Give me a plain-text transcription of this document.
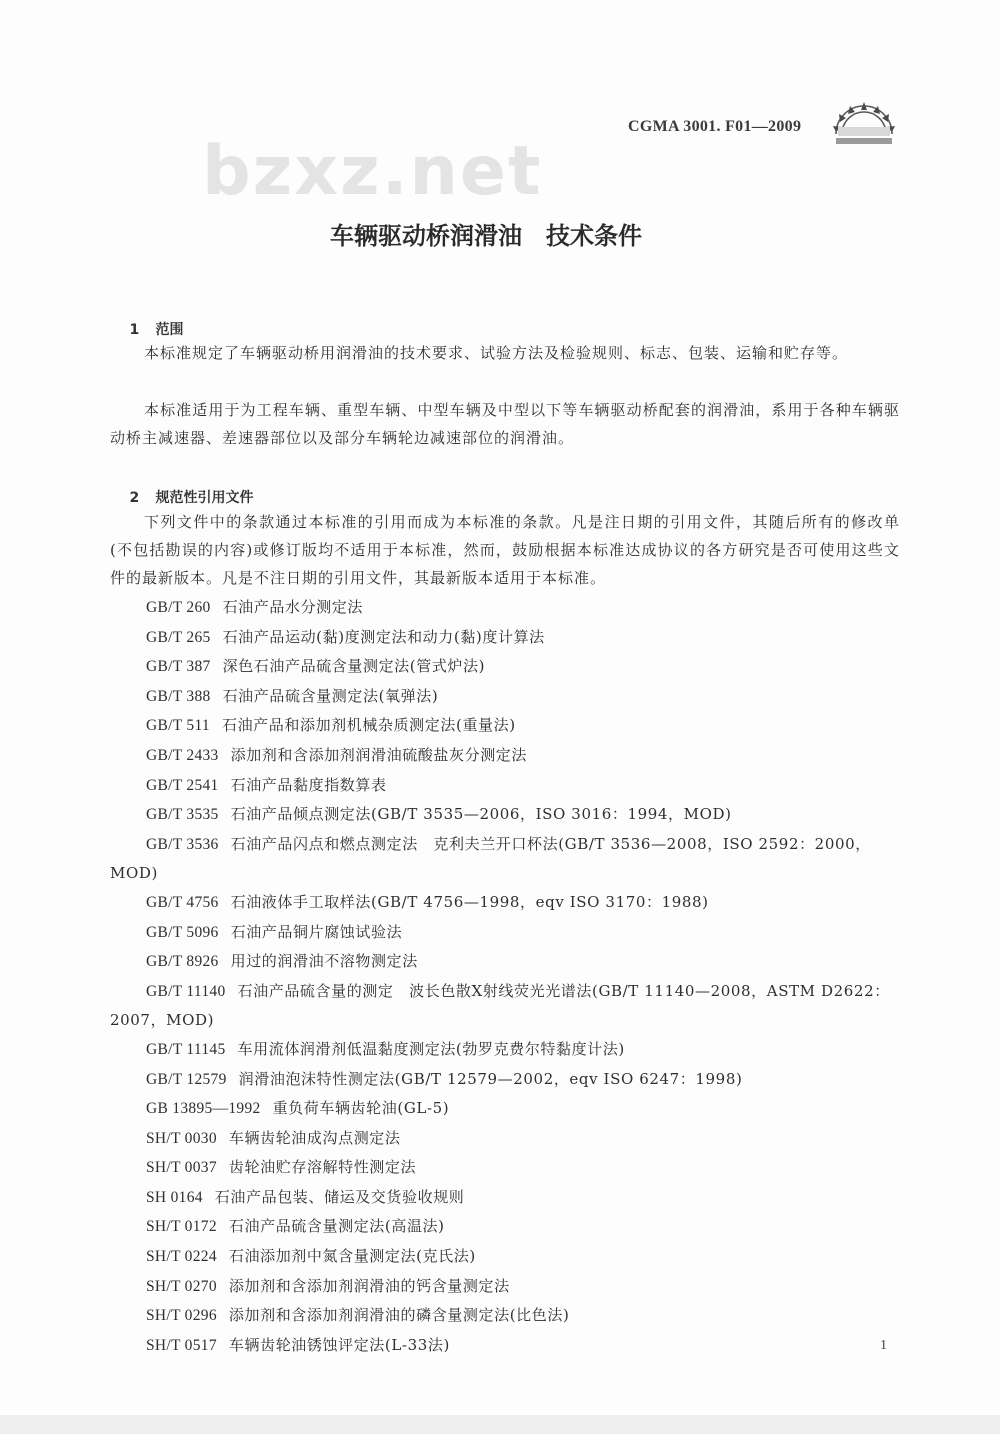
CGMA 3001. F01—2009
bzxz.net
车辆驱动桥润滑油　技术条件

1 范围

本标准规定了车辆驱动桥用润滑油的技术要求、试验方法及检验规则、标志、包装、运输和贮存等。
本标准适用于为工程车辆、重型车辆、中型车辆及中型以下等车辆驱动桥配套的润滑油，系用于各种车辆驱动桥主减速器、差速器部位以及部分车辆轮边减速部位的润滑油。

2 规范性引用文件

下列文件中的条款通过本标准的引用而成为本标准的条款。凡是注日期的引用文件，其随后所有的修改单(不包括勘误的内容)或修订版均不适用于本标准，然而，鼓励根据本标准达成协议的各方研究是否可使用这些文件的最新版本。凡是不注日期的引用文件，其最新版本适用于本标准。
GB/T 260 石油产品水分测定法
GB/T 265 石油产品运动(黏)度测定法和动力(黏)度计算法
GB/T 387 深色石油产品硫含量测定法(管式炉法)
GB/T 388 石油产品硫含量测定法(氧弹法)
GB/T 511 石油产品和添加剂机械杂质测定法(重量法)
GB/T 2433 添加剂和含添加剂润滑油硫酸盐灰分测定法
GB/T 2541 石油产品黏度指数算表
GB/T 3535 石油产品倾点测定法(GB/T 3535—2006，ISO 3016：1994，MOD)
GB/T 3536 石油产品闪点和燃点测定法　克利夫兰开口杯法(GB/T 3536—2008，ISO 2592：2000，MOD)
GB/T 4756 石油液体手工取样法(GB/T 4756—1998，eqv ISO 3170：1988)
GB/T 5096 石油产品铜片腐蚀试验法
GB/T 8926 用过的润滑油不溶物测定法
GB/T 11140 石油产品硫含量的测定　波长色散X射线荧光光谱法(GB/T 11140—2008，ASTM D2622：2007，MOD)
GB/T 11145 车用流体润滑剂低温黏度测定法(勃罗克费尔特黏度计法)
GB/T 12579 润滑油泡沫特性测定法(GB/T 12579—2002，eqv ISO 6247：1998)
GB 13895—1992 重负荷车辆齿轮油(GL-5)
SH/T 0030 车辆齿轮油成沟点测定法
SH/T 0037 齿轮油贮存溶解特性测定法
SH 0164 石油产品包装、储运及交货验收规则
SH/T 0172 石油产品硫含量测定法(高温法)
SH/T 0224 石油添加剂中氮含量测定法(克氏法)
SH/T 0270 添加剂和含添加剂润滑油的钙含量测定法
SH/T 0296 添加剂和含添加剂润滑油的磷含量测定法(比色法)
SH/T 0517 车辆齿轮油锈蚀评定法(L-33法)	1
